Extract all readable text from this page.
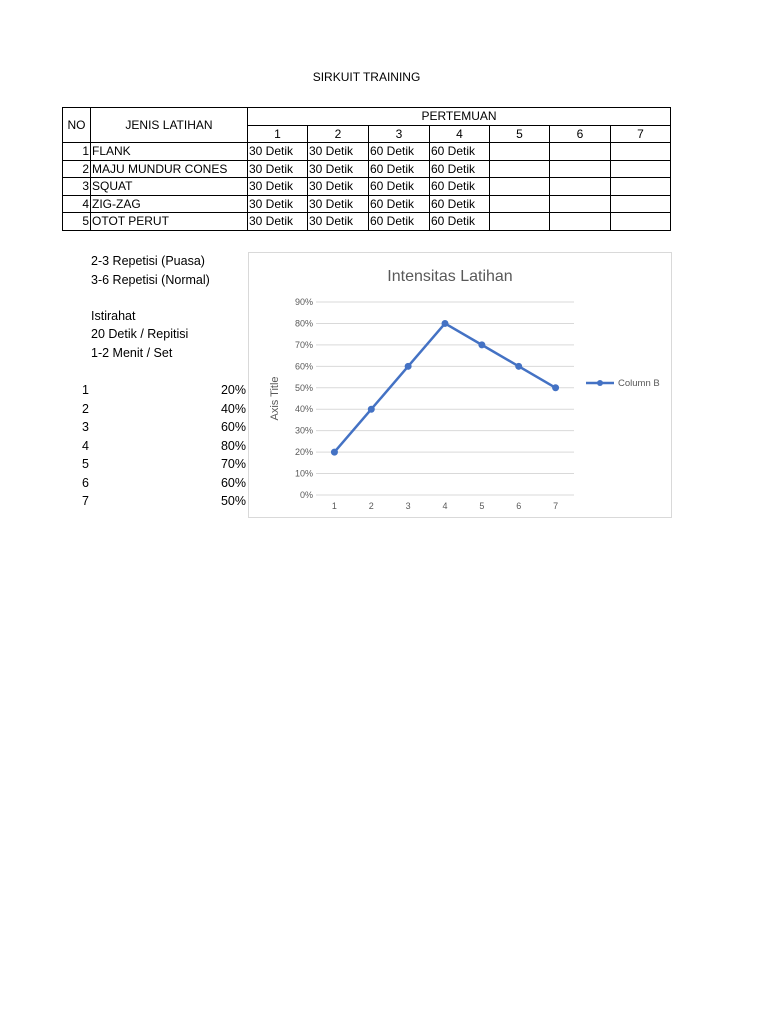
SIRKUIT TRAINING
NO	JENIS LATIHAN	PERTEMUAN						
		1	2	3	4	5	6	7
1	FLANK	30 Detik	30 Detik	60 Detik	60 Detik			
2	MAJU MUNDUR CONES	30 Detik	30 Detik	60 Detik	60 Detik			
3	SQUAT	30 Detik	30 Detik	60 Detik	60 Detik			
4	ZIG-ZAG	30 Detik	30 Detik	60 Detik	60 Detik			
5	OTOT PERUT	30 Detik	30 Detik	60 Detik	60 Detik			
2-3 Repetisi (Puasa)
3-6 Repetisi (Normal)
Istirahat
20 Detik / Repitisi
1-2 Menit / Set
1	20%
2	40%
3	60%
4	80%
5	70%
6	60%
7	50%
Intensitas Latihan
0%
10%
20%
30%
40%
50%
60%
70%
80%
90%
1	2	3	4	5	6	7
Axis Title	Column B
